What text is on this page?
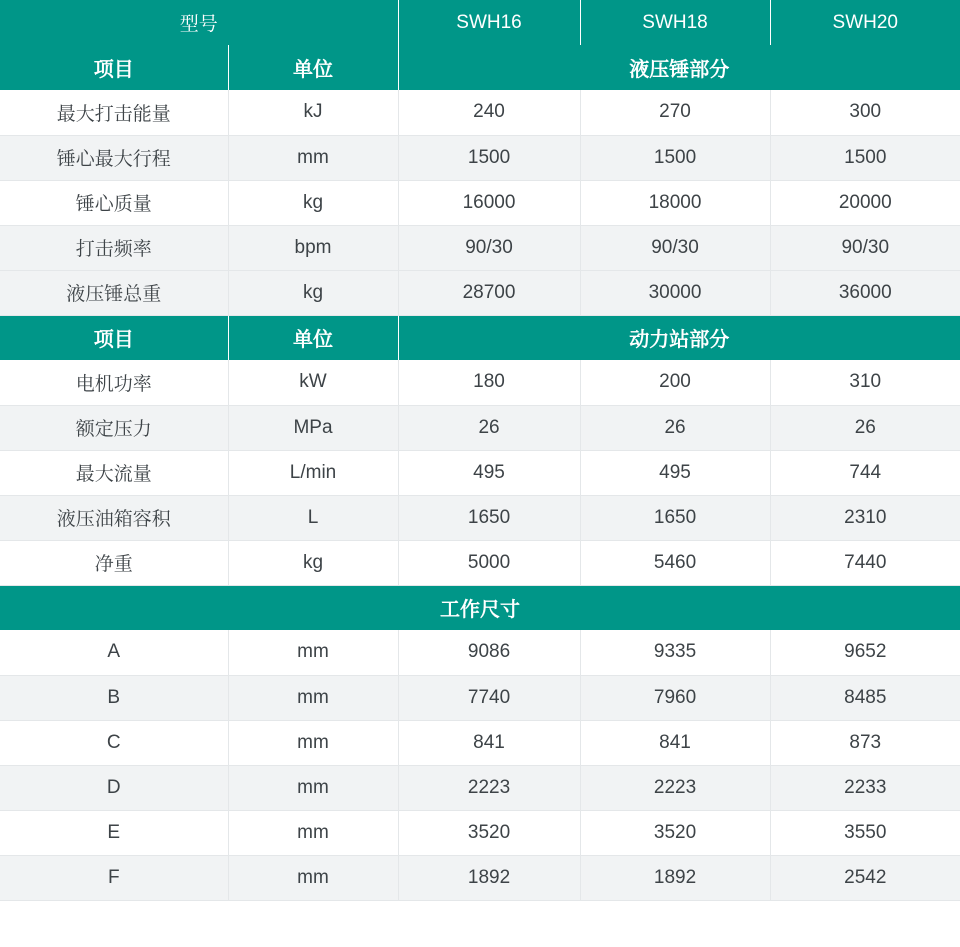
型号		SWH16	SWH18	SWH20
项目	单位	液压锤部分		
最大打击能量	kJ	240	270	300
锤心最大行程	mm	1500	1500	1500
锤心质量	kg	16000	18000	20000
打击频率	bpm	90/30	90/30	90/30
液压锤总重	kg	28700	30000	36000
项目	单位	动力站部分		
电机功率	kW	180	200	310
额定压力	MPa	26	26	26
最大流量	L/min	495	495	744
液压油箱容积	L	1650	1650	2310
净重	kg	5000	5460	7440
工作尺寸				
A	mm	9086	9335	9652
B	mm	7740	7960	8485
C	mm	841	841	873
D	mm	2223	2223	2233
E	mm	3520	3520	3550
F	mm	1892	1892	2542
